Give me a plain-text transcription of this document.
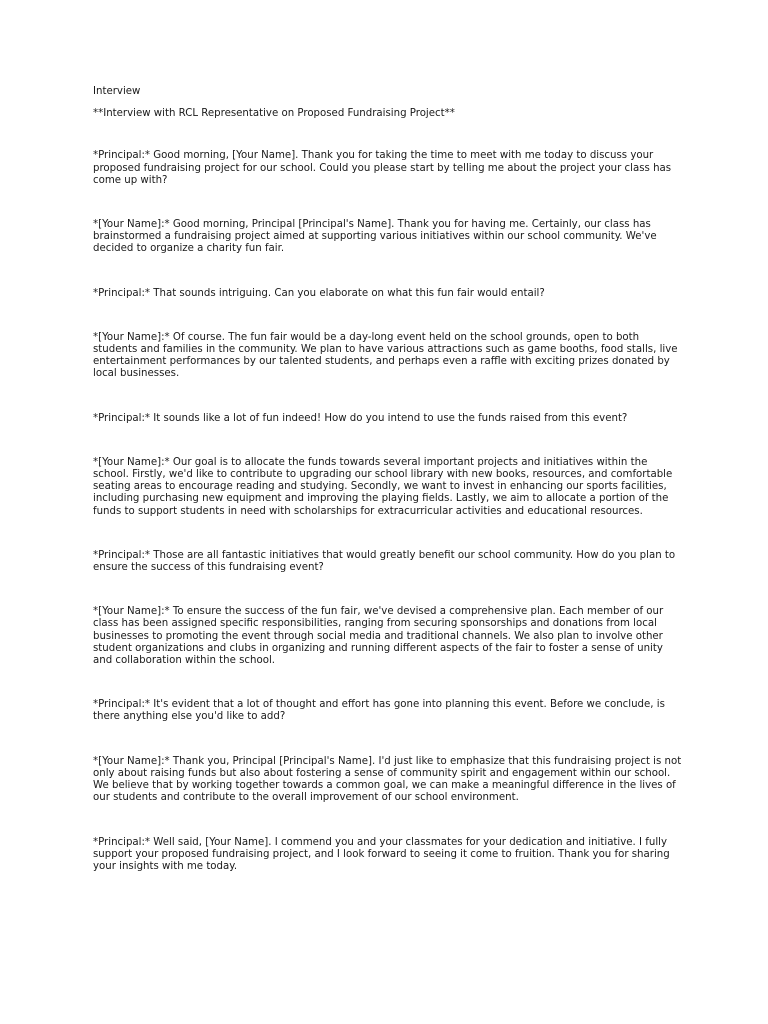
Interview

**Interview with RCL Representative on Proposed Fundraising Project**

*Principal:* Good morning, [Your Name]. Thank you for taking the time to meet with me today to discuss your proposed fundraising project for our school. Could you please start by telling me about the project your class has come up with?

*[Your Name]:* Good morning, Principal [Principal's Name]. Thank you for having me. Certainly, our class has brainstormed a fundraising project aimed at supporting various initiatives within our school community. We've decided to organize a charity fun fair.

*Principal:* That sounds intriguing. Can you elaborate on what this fun fair would entail?

*[Your Name]:* Of course. The fun fair would be a day-long event held on the school grounds, open to both students and families in the community. We plan to have various attractions such as game booths, food stalls, live entertainment performances by our talented students, and perhaps even a raffle with exciting prizes donated by local businesses.

*Principal:* It sounds like a lot of fun indeed! How do you intend to use the funds raised from this event?

*[Your Name]:* Our goal is to allocate the funds towards several important projects and initiatives within the school. Firstly, we'd like to contribute to upgrading our school library with new books, resources, and comfortable seating areas to encourage reading and studying. Secondly, we want to invest in enhancing our sports facilities, including purchasing new equipment and improving the playing fields. Lastly, we aim to allocate a portion of the funds to support students in need with scholarships for extracurricular activities and educational resources.

*Principal:* Those are all fantastic initiatives that would greatly benefit our school community. How do you plan to ensure the success of this fundraising event?

*[Your Name]:* To ensure the success of the fun fair, we've devised a comprehensive plan. Each member of our class has been assigned specific responsibilities, ranging from securing sponsorships and donations from local businesses to promoting the event through social media and traditional channels. We also plan to involve other student organizations and clubs in organizing and running different aspects of the fair to foster a sense of unity and collaboration within the school.

*Principal:* It's evident that a lot of thought and effort has gone into planning this event. Before we conclude, is there anything else you'd like to add?

*[Your Name]:* Thank you, Principal [Principal's Name]. I'd just like to emphasize that this fundraising project is not only about raising funds but also about fostering a sense of community spirit and engagement within our school. We believe that by working together towards a common goal, we can make a meaningful difference in the lives of our students and contribute to the overall improvement of our school environment.

*Principal:* Well said, [Your Name]. I commend you and your classmates for your dedication and initiative. I fully support your proposed fundraising project, and I look forward to seeing it come to fruition. Thank you for sharing your insights with me today.
